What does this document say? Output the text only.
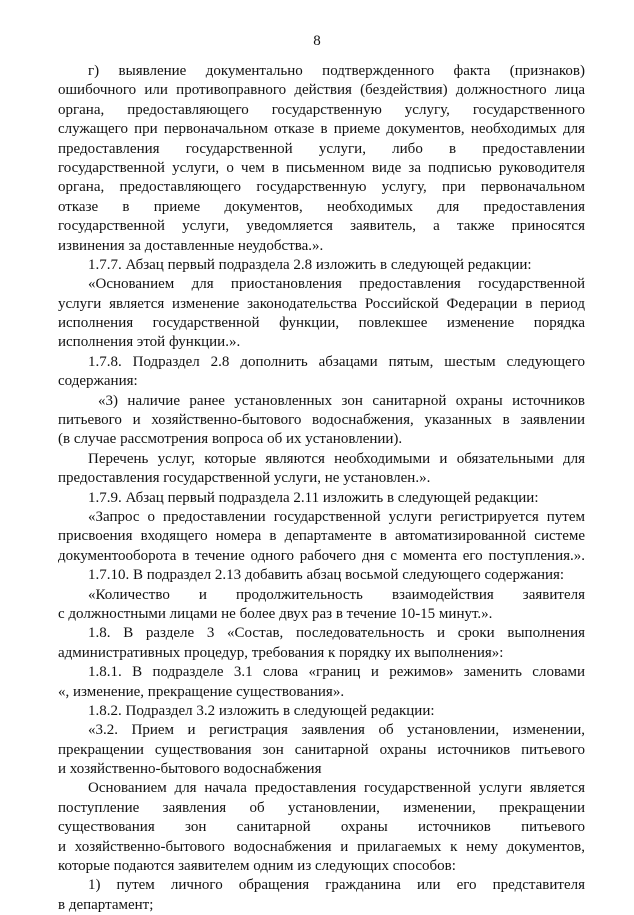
8
г) выявление документально подтвержденного факта (признаков)
ошибочного или противоправного действия (бездействия) должностного лица
органа, предоставляющего государственную услугу, государственного
служащего при первоначальном отказе в приеме документов, необходимых для
предоставления государственной услуги, либо в предоставлении
государственной услуги, о чем в письменном виде за подписью руководителя
органа, предоставляющего государственную услугу, при первоначальном
отказе в приеме документов, необходимых для предоставления
государственной услуги, уведомляется заявитель, а также приносятся
извинения за доставленные неудобства.».
1.7.7. Абзац первый подраздела 2.8 изложить в следующей редакции:
«Основанием для приостановления предоставления государственной
услуги является изменение законодательства Российской Федерации в период
исполнения государственной функции, повлекшее изменение порядка
исполнения этой функции.».
1.7.8. Подраздел 2.8 дополнить абзацами пятым, шестым следующего
содержания:
«3) наличие ранее установленных зон санитарной охраны источников
питьевого и хозяйственно-бытового водоснабжения, указанных в заявлении
(в случае рассмотрения вопроса об их установлении).
Перечень услуг, которые являются необходимыми и обязательными для
предоставления государственной услуги, не установлен.».
1.7.9. Абзац первый подраздела 2.11 изложить в следующей редакции:
«Запрос о предоставлении государственной услуги регистрируется путем
присвоения входящего номера в департаменте в автоматизированной системе
документооборота в течение одного рабочего дня с момента его поступления.».
1.7.10. В подраздел 2.13 добавить абзац восьмой следующего содержания:
«Количество и продолжительность взаимодействия заявителя
с должностными лицами не более двух раз в течение 10-15 минут.».
1.8. В разделе 3 «Состав, последовательность и сроки выполнения
административных процедур, требования к порядку их выполнения»:
1.8.1. В подразделе 3.1 слова «границ и режимов» заменить словами
«, изменение, прекращение существования».
1.8.2. Подраздел 3.2 изложить в следующей редакции:
«3.2. Прием и регистрация заявления об установлении, изменении,
прекращении существования зон санитарной охраны источников питьевого
и хозяйственно-бытового водоснабжения
Основанием для начала предоставления государственной услуги является
поступление заявления об установлении, изменении, прекращении
существования зон санитарной охраны источников питьевого
и хозяйственно-бытового водоснабжения и прилагаемых к нему документов,
которые подаются заявителем одним из следующих способов:
1) путем личного обращения гражданина или его представителя
в департамент;
